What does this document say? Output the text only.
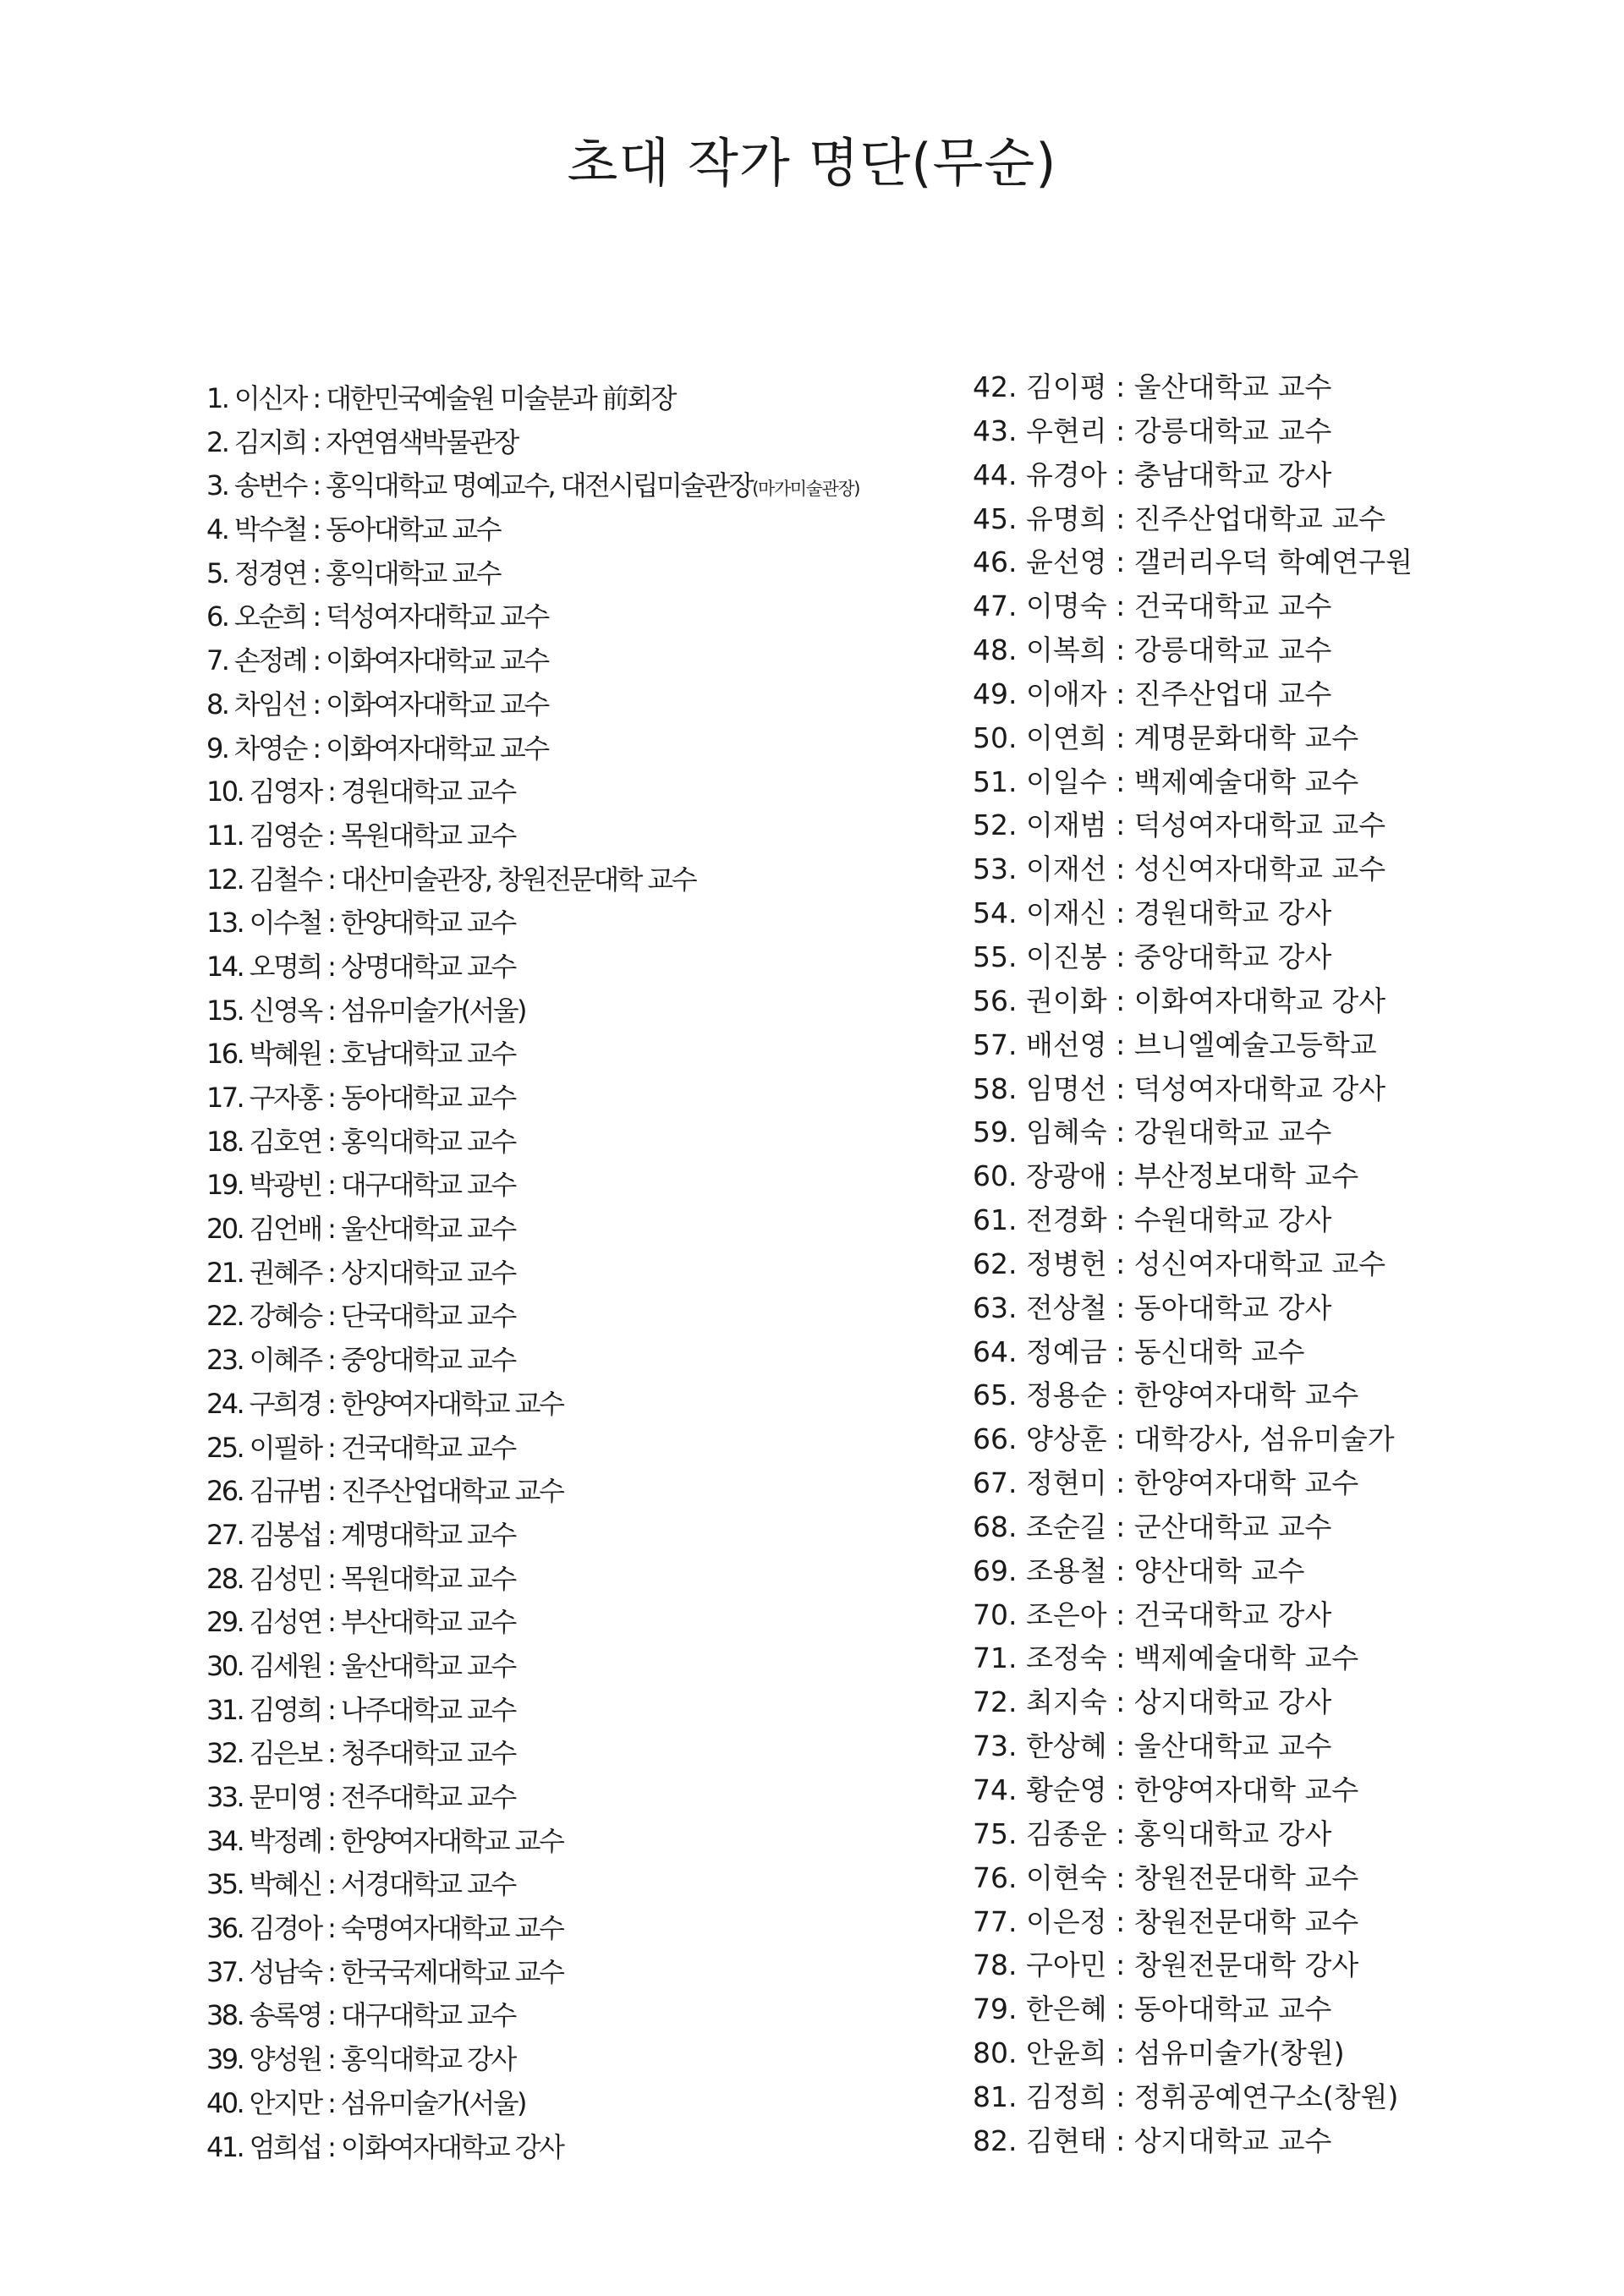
초대 작가 명단(무순)
1. 이신자 : 대한민국예술원 미술분과 前회장
2. 김지희 : 자연염색박물관장
3. 송번수 : 홍익대학교 명예교수, 대전시립미술관장(마가미술관장)
4. 박수철 : 동아대학교 교수
5. 정경연 : 홍익대학교 교수
6. 오순희 : 덕성여자대학교 교수
7. 손정례 : 이화여자대학교 교수
8. 차임선 : 이화여자대학교 교수
9. 차영순 : 이화여자대학교 교수
10. 김영자 : 경원대학교 교수
11. 김영순 : 목원대학교 교수
12. 김철수 : 대산미술관장, 창원전문대학 교수
13. 이수철 : 한양대학교 교수
14. 오명희 : 상명대학교 교수
15. 신영옥 : 섬유미술가(서울)
16. 박혜원 : 호남대학교 교수
17. 구자홍 : 동아대학교 교수
18. 김호연 : 홍익대학교 교수
19. 박광빈 : 대구대학교 교수
20. 김언배 : 울산대학교 교수
21. 권혜주 : 상지대학교 교수
22. 강혜승 : 단국대학교 교수
23. 이혜주 : 중앙대학교 교수
24. 구희경 : 한양여자대학교 교수
25. 이필하 : 건국대학교 교수
26. 김규범 : 진주산업대학교 교수
27. 김봉섭 : 계명대학교 교수
28. 김성민 : 목원대학교 교수
29. 김성연 : 부산대학교 교수
30. 김세원 : 울산대학교 교수
31. 김영희 : 나주대학교 교수
32. 김은보 : 청주대학교 교수
33. 문미영 : 전주대학교 교수
34. 박정례 : 한양여자대학교 교수
35. 박혜신 : 서경대학교 교수
36. 김경아 : 숙명여자대학교 교수
37. 성남숙 : 한국국제대학교 교수
38. 송록영 : 대구대학교 교수
39. 양성원 : 홍익대학교 강사
40. 안지만 : 섬유미술가(서울)
41. 엄희섭 : 이화여자대학교 강사
42. 김이평 : 울산대학교 교수
43. 우현리 : 강릉대학교 교수
44. 유경아 : 충남대학교 강사
45. 유명희 : 진주산업대학교 교수
46. 윤선영 : 갤러리우덕 학예연구원
47. 이명숙 : 건국대학교 교수
48. 이복희 : 강릉대학교 교수
49. 이애자 : 진주산업대 교수
50. 이연희 : 계명문화대학 교수
51. 이일수 : 백제예술대학 교수
52. 이재범 : 덕성여자대학교 교수
53. 이재선 : 성신여자대학교 교수
54. 이재신 : 경원대학교 강사
55. 이진봉 : 중앙대학교 강사
56. 권이화 : 이화여자대학교 강사
57. 배선영 : 브니엘예술고등학교
58. 임명선 : 덕성여자대학교 강사
59. 임혜숙 : 강원대학교 교수
60. 장광애 : 부산정보대학 교수
61. 전경화 : 수원대학교 강사
62. 정병헌 : 성신여자대학교 교수
63. 전상철 : 동아대학교 강사
64. 정예금 : 동신대학 교수
65. 정용순 : 한양여자대학 교수
66. 양상훈 : 대학강사, 섬유미술가
67. 정현미 : 한양여자대학 교수
68. 조순길 : 군산대학교 교수
69. 조용철 : 양산대학 교수
70. 조은아 : 건국대학교 강사
71. 조정숙 : 백제예술대학 교수
72. 최지숙 : 상지대학교 강사
73. 한상혜 : 울산대학교 교수
74. 황순영 : 한양여자대학 교수
75. 김종운 : 홍익대학교 강사
76. 이현숙 : 창원전문대학 교수
77. 이은정 : 창원전문대학 교수
78. 구아민 : 창원전문대학 강사
79. 한은혜 : 동아대학교 교수
80. 안윤희 : 섬유미술가(창원)
81. 김정희 : 정휘공예연구소(창원)
82. 김현태 : 상지대학교 교수
